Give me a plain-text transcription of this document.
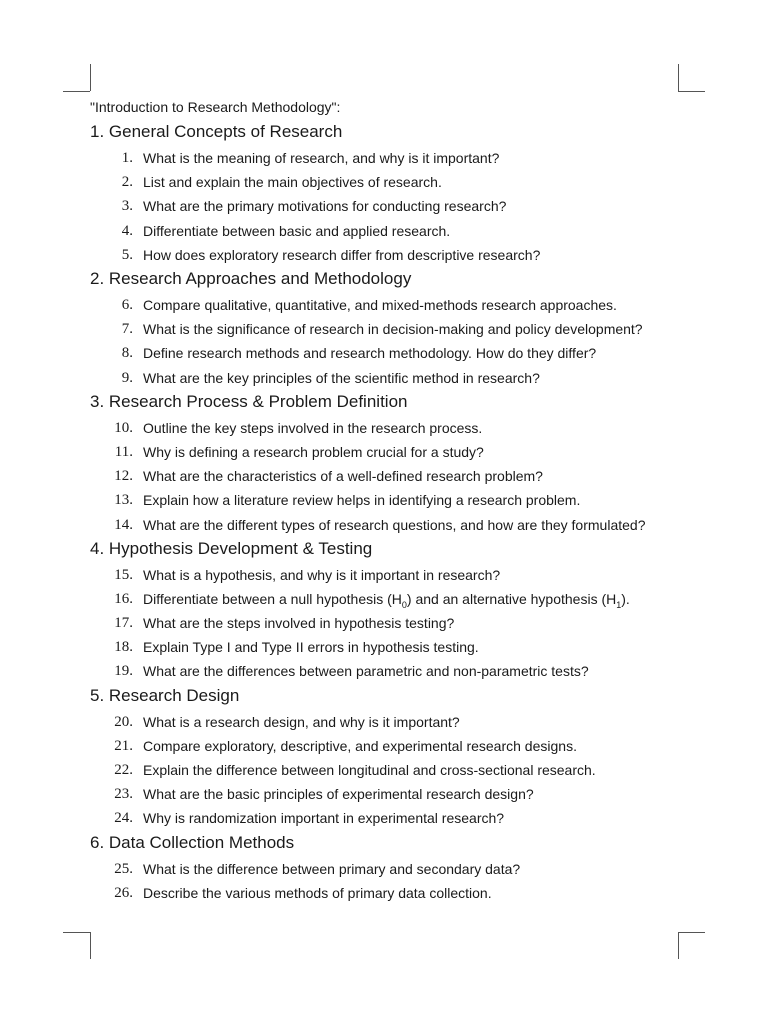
"Introduction to Research Methodology":
1. General Concepts of Research
1. What is the meaning of research, and why is it important?
2. List and explain the main objectives of research.
3. What are the primary motivations for conducting research?
4. Differentiate between basic and applied research.
5. How does exploratory research differ from descriptive research?
2. Research Approaches and Methodology
6. Compare qualitative, quantitative, and mixed-methods research approaches.
7. What is the significance of research in decision-making and policy development?
8. Define research methods and research methodology. How do they differ?
9. What are the key principles of the scientific method in research?
3. Research Process & Problem Definition
10. Outline the key steps involved in the research process.
11. Why is defining a research problem crucial for a study?
12. What are the characteristics of a well-defined research problem?
13. Explain how a literature review helps in identifying a research problem.
14. What are the different types of research questions, and how are they formulated?
4. Hypothesis Development & Testing
15. What is a hypothesis, and why is it important in research?
16. Differentiate between a null hypothesis $(H_0)$ and an alternative hypothesis $(H_1)$.
17. What are the steps involved in hypothesis testing?
18. Explain Type I and Type II errors in hypothesis testing.
19. What are the differences between parametric and non-parametric tests?
5. Research Design
20. What is a research design, and why is it important?
21. Compare exploratory, descriptive, and experimental research designs.
22. Explain the difference between longitudinal and cross-sectional research.
23. What are the basic principles of experimental research design?
24. Why is randomization important in experimental research?
6. Data Collection Methods
25. What is the difference between primary and secondary data?
26. Describe the various methods of primary data collection.
